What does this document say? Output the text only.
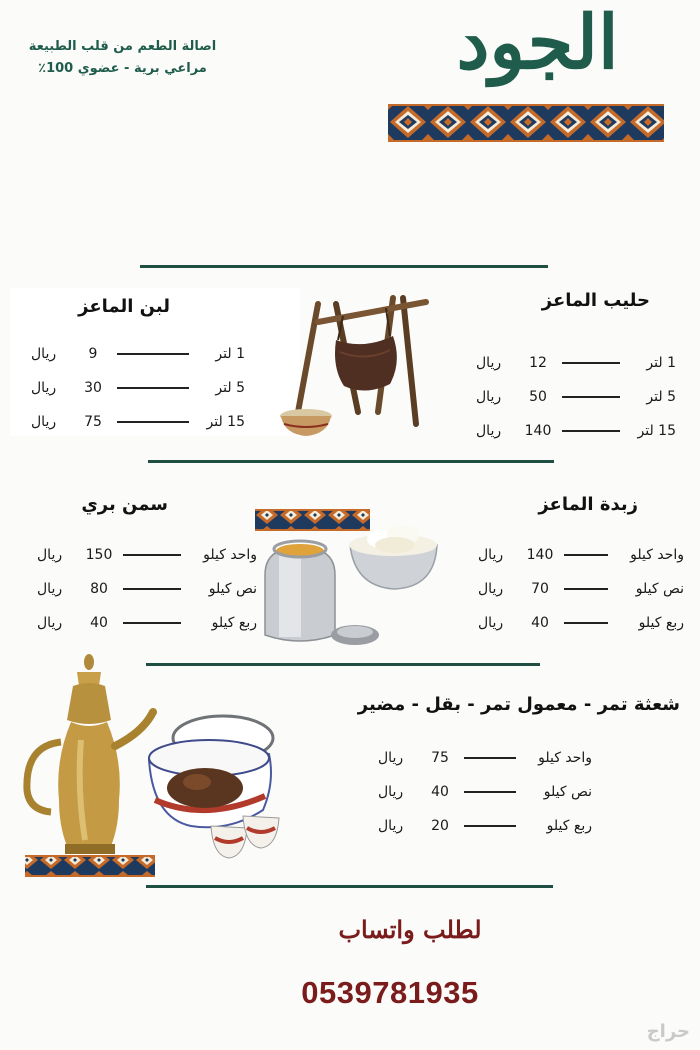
الجود
اصالة الطعم من قلب الطبيعة
مراعي برية - عضوي 100٪
حليب الماعز
1 لتر
12
ريال
5 لتر
50
ريال
15 لتر
140
ريال
لبن الماعز
1 لتر
9
ريال
5 لتر
30
ريال
15 لتر
75
ريال
زبدة الماعز
واحد كيلو
140
ريال
نص كيلو
70
ريال
ربع كيلو
40
ريال
سمن بري
واحد كيلو
150
ريال
نص كيلو
80
ريال
ربع كيلو
40
ريال
شعثة تمر - معمول تمر - بقل - مضير
واحد كيلو
75
ريال
نص كيلو
40
ريال
ربع كيلو
20
ريال
لطلب واتساب
0539781935
حراج
